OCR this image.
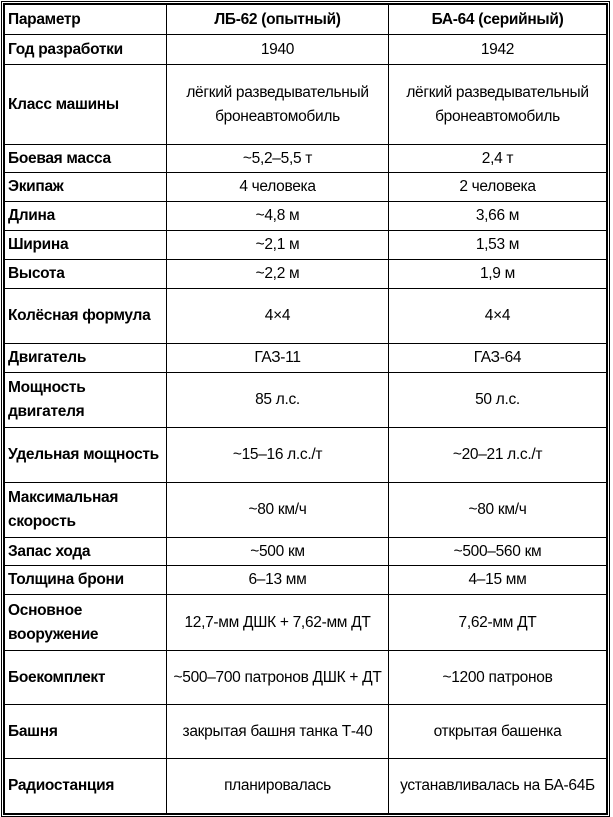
Параметр	ЛБ-62 (опытный)	БА-64 (серийный)
Год разработки	1940	1942
Класс машины	лёгкий разведывательный бронеавтомобиль	лёгкий разведывательный бронеавтомобиль
Боевая масса	~5,2–5,5 т	2,4 т
Экипаж	4 человека	2 человека
Длина	~4,8 м	3,66 м
Ширина	~2,1 м	1,53 м
Высота	~2,2 м	1,9 м
Колёсная формула	4×4	4×4
Двигатель	ГАЗ-11	ГАЗ-64
Мощность двигателя	85 л.с.	50 л.с.
Удельная мощность	~15–16 л.с./т	~20–21 л.с./т
Максимальная скорость	~80 км/ч	~80 км/ч
Запас хода	~500 км	~500–560 км
Толщина брони	6–13 мм	4–15 мм
Основное вооружение	12,7-мм ДШК + 7,62-мм ДТ	7,62-мм ДТ
Боекомплект	~500–700 патронов ДШК + ДТ	~1200 патронов
Башня	закрытая башня танка Т-40	открытая башенка
Радиостанция	планировалась	устанавливалась на БА-64Б
